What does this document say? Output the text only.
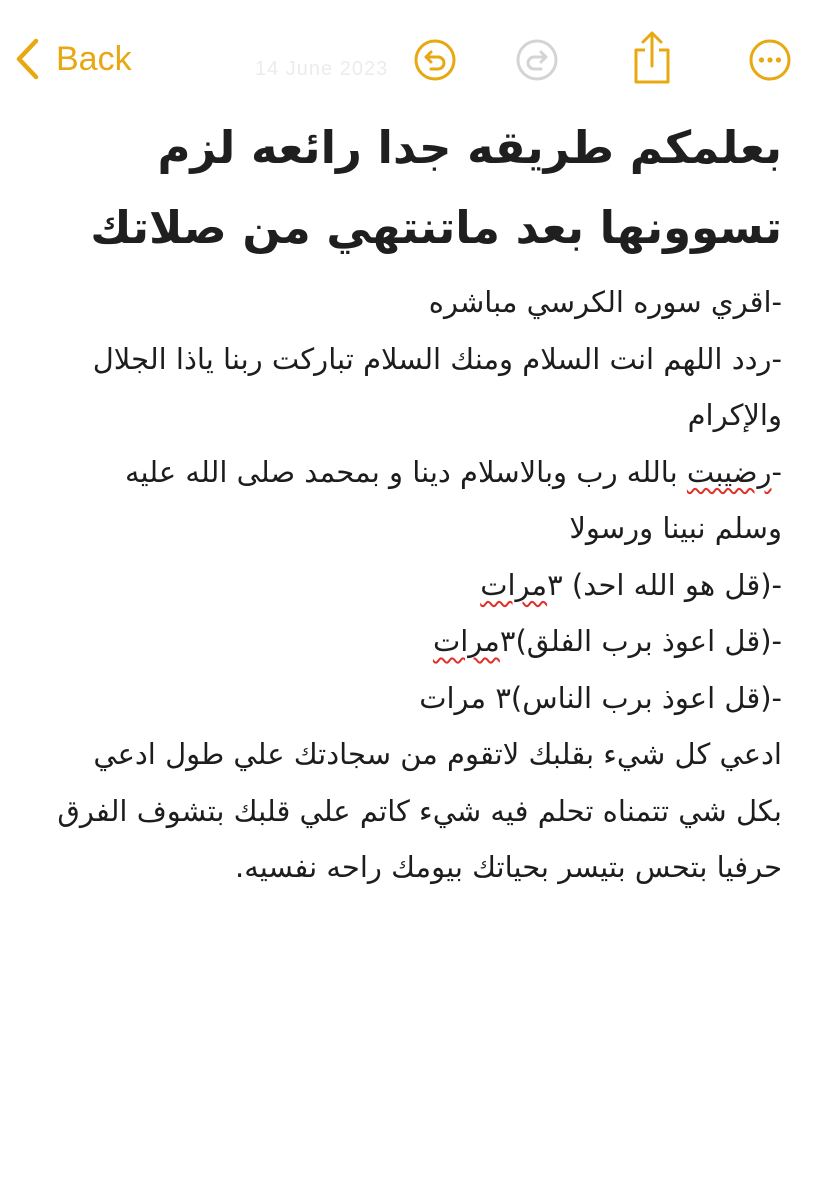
Back	14 June 2023
بعلمكم طريقه جدا رائعه لزم تسوونها بعد ماتنتهي من صلاتك
-اقري سوره الكرسي مباشره
-ردد اللهم انت السلام ومنك السلام تباركت ربنا ياذا الجلال والإكرام
-رضيبت بالله رب وبالاسلام دينا و بمحمد صلى الله عليه وسلم نبينا ورسولا
-(قل هو الله احد) ٣مرات
-(قل اعوذ برب الفلق)٣مرات
-(قل اعوذ برب الناس)٣ مرات
ادعي كل شيء بقلبك لاتقوم من سجادتك علي طول ادعي بكل شي تتمناه تحلم فيه شيء كاتم علي قلبك بتشوف الفرق حرفيا بتحس بتيسر بحياتك بيومك راحه نفسيه.
